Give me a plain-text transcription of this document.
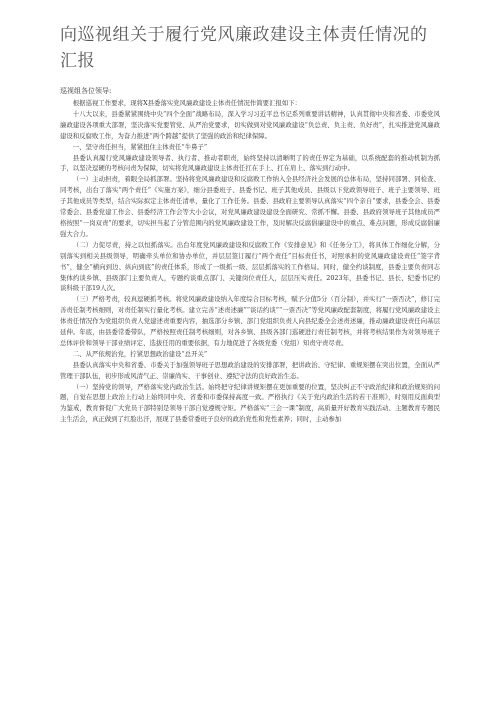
向巡视组关于履行党风廉政建设主体责任情况的汇报

巡视组各位领导:

根据巡视工作要求，现将X县委落实党风廉政建设主体责任情况作简要汇报如下：

十八大以来，县委紧紧围绕中央“四个全面”战略布局，深入学习习近平总书记系列重要讲话精神，认真贯彻中央和省委、市委党风廉政建设各项重大部署，坚决落实党要管党、从严治党要求，切实做到对党风廉政建设“负总责、负主责、负好责”，扎实推进党风廉政建设和反腐败工作，为奋力推进“两个跨越”提供了坚强的政治和纪律保障。

一、坚守责任担当，紧紧扭住主体责任“牛鼻子”

县委认真履行党风廉政建设领导者、执行者、推动者职责，始终坚持以清晰明了的责任界定为基础，以系统配套的推动机制为抓手，以坚决逗硬的考核问责为保障，切实将党风廉政建设主体责任扛在手上、扛在肩上、落实到行动中。

（一）主动担责，着眼全局抓部署。坚持将党风廉政建设和反腐败工作纳入全县经济社会发展的总体布局，坚持同部署、同检查、同考核，出台了落实“两个责任”《实施方案》，细分县委班子、县委书记、班子其他成员、县级以下党政领导班子、班子主要领导、班子其他成员等类型，结合实际拟定主体责任清单，量化了工作任务。县委、县政府主要领导认真落实“四个亲自”要求，县委全会、县委常委会、县委党建工作会、县委经济工作会等大小会议，对党风廉政建设建设全面研究、常抓不懈。县委、县政府领导班子其他成员严格按照“一岗双责”的要求，切实担当起了分管范围内的党风廉政建设工作，及时解决反腐倡廉建设中的重点、难点问题，形成反腐倡廉强大合力。

（二）力促尽责，持之以恒抓落实。出台年度党风廉政建设和反腐败工作《安排意见》和《任务分工》，将具体工作细化分解，分别落实到相关县级领导，明确牵头单位和协办单位，并层层签订履行“两个责任”目标责任书，对照承担的党风廉政建设责任“签字背书”，健全“横向到边、纵向到底”的责任体系，形成了一级抓一级、层层抓落实的工作格局。同时，健全约谈制度，县委主要负责同志集体约谈乡镇、县级部门主要负责人，专题约谈重点部门、关键岗位责任人，层层压实责任。2023年，县委书记、县长、纪委书记约谈科级干部19人次。

（三）严格考责，较真逗硬抓考核。将党风廉政建设纳入年度综合目标考核，赋予分值5分（百分制），并实行“一票否决”，修订完善责任制考核细则，对责任制实行量化考核。建立完善“述责述廉”“谈话约谈”“一票否决”等党风廉政配套制度，将履行党风廉政建设主体责任情况作为党组织负责人党建述责重要内容，抽选部分乡镇、部门党组织负责人向县纪委全会述责述廉，推动廉政建设责任向基层延伸。年底，由县委常委带队，严格按照责任制考核细则，对各乡镇、县级各部门巡硬进行责任制考核，并将考核结果作为对领导班子总体评价和领导干部业绩评定、选拔任用的重要依据，有力地促进了各级党委（党组）知责守责尽责。

二、从严依规治党，拧紧思想政治建设“总开关”

县委认真落实中央和省委、市委关于加强领导班子思想政治建设的安排部署，把讲政治、守纪律、重规矩摆在突出位置，全面从严管理干部队伍，初步形成风清气正、崇廉尚实、干事创业、遵纪守法的良好政治生态。

（一）坚持党的领导，严格落实党内政治生活。始终把守纪律讲规矩摆在更加重要的位置，坚决纠正不守政治纪律和政治规矩的问题，自觉在思想上政治上行动上始终同中央、省委和市委保持高度一致。严格执行《关于党内政治生活的若干准则》，时刻用反面典型为鉴戒，教育督促广大党员干部特别是领导干部自觉遵规守矩。严格落实“三会一课”制度，高质量开好教育实践活动、主题教育专题民主生活会，真正做到了红脸出汗，展现了县委常委班子良好的政治党性和党性素养；同时，主动参加
